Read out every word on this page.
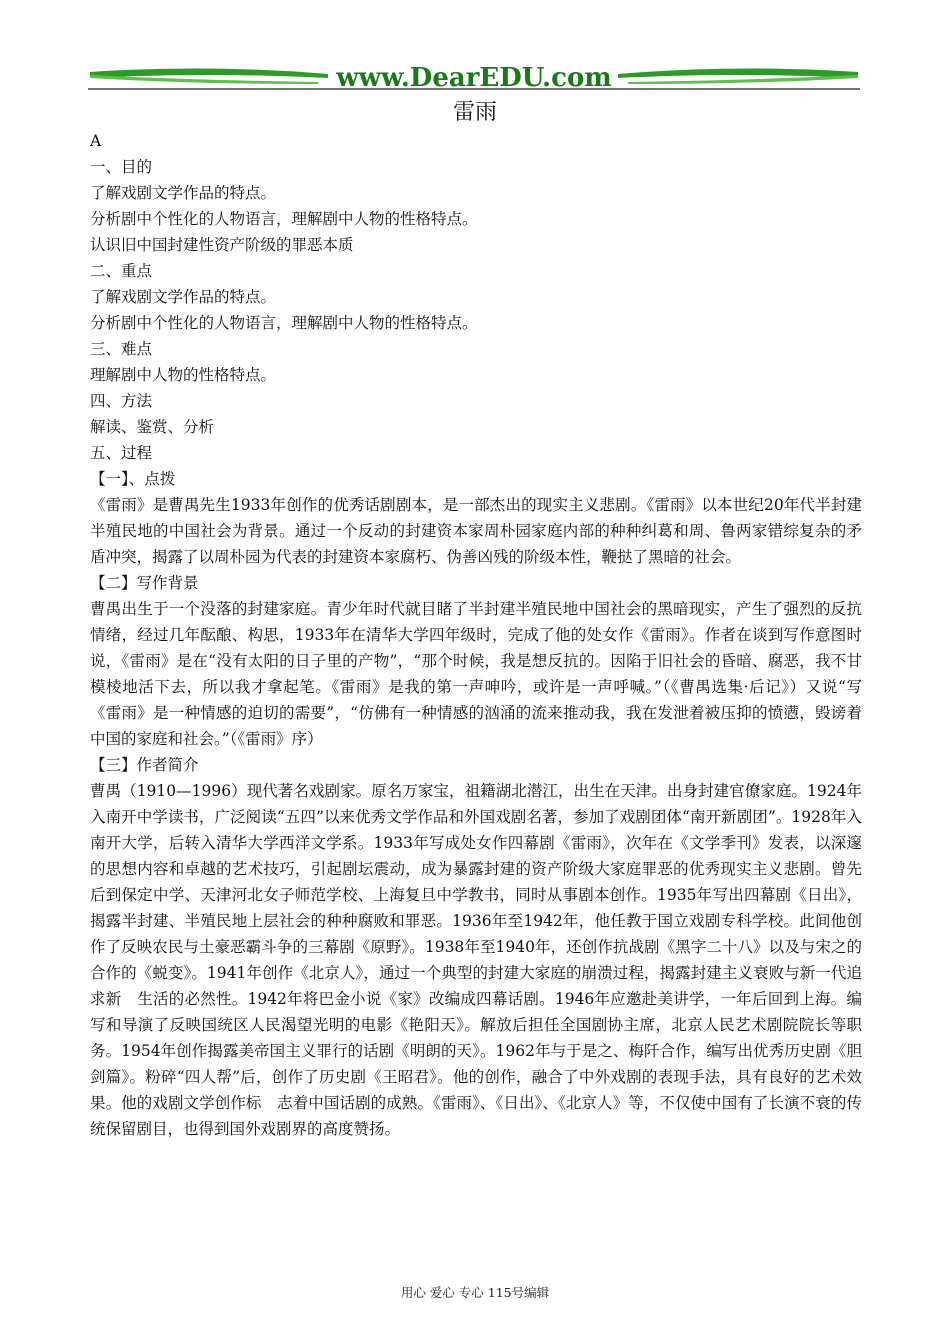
www.DearEDU.com
雷雨
A
一、目的
了解戏剧文学作品的特点。
分析剧中个性化的人物语言，理解剧中人物的性格特点。
认识旧中国封建性资产阶级的罪恶本质
二、重点
了解戏剧文学作品的特点。
分析剧中个性化的人物语言，理解剧中人物的性格特点。
三、难点
理解剧中人物的性格特点。
四、方法
解读、鉴赏、分析
五、过程
【一】、点拨
《雷雨》是曹禺先生1933年创作的优秀话剧剧本，是一部杰出的现实主义悲剧。《雷雨》以本世纪20年代半封建半殖民地的中国社会为背景。通过一个反动的封建资本家周朴园家庭内部的种种纠葛和周、鲁两家错综复杂的矛盾冲突，揭露了以周朴园为代表的封建资本家腐朽、伪善凶残的阶级本性，鞭挞了黑暗的社会。
【二】写作背景
曹禺出生于一个没落的封建家庭。青少年时代就目睹了半封建半殖民地中国社会的黑暗现实，产生了强烈的反抗情绪，经过几年酝酿、构思，1933年在清华大学四年级时，完成了他的处女作《雷雨》。作者在谈到写作意图时说，《雷雨》是在“没有太阳的日子里的产物”，“那个时候，我是想反抗的。因陷于旧社会的昏暗、腐恶，我不甘模棱地活下去，所以我才拿起笔。《雷雨》是我的第一声呻吟，或许是一声呼喊。”（《曹禺选集·后记》）又说“写《雷雨》是一种情感的迫切的需要”，“仿佛有一种情感的汹涌的流来推动我，我在发泄着被压抑的愤懑，毁谤着中国的家庭和社会。”（《雷雨》序）
【三】作者简介
曹禺（1910—1996）现代著名戏剧家。原名万家宝，祖籍湖北潜江，出生在天津。出身封建官僚家庭。1924年入南开中学读书，广泛阅读“五四”以来优秀文学作品和外国戏剧名著，参加了戏剧团体“南开新剧团”。1928年入南开大学，后转入清华大学西洋文学系。1933年写成处女作四幕剧《雷雨》，次年在《文学季刊》发表，以深邃的思想内容和卓越的艺术技巧，引起剧坛震动，成为暴露封建的资产阶级大家庭罪恶的优秀现实主义悲剧。曾先后到保定中学、天津河北女子师范学校、上海复旦中学教书，同时从事剧本创作。1935年写出四幕剧《日出》，揭露半封建、半殖民地上层社会的种种腐败和罪恶。1936年至1942年，他任教于国立戏剧专科学校。此间他创作了反映农民与土豪恶霸斗争的三幕剧《原野》。1938年至1940年，还创作抗战剧《黑字二十八》以及与宋之的合作的《蜕变》。1941年创作《北京人》，通过一个典型的封建大家庭的崩溃过程，揭露封建主义衰败与新一代追求新　生活的必然性。1942年将巴金小说《家》改编成四幕话剧。1946年应邀赴美讲学，一年后回到上海。编写和导演了反映国统区人民渴望光明的电影《艳阳天》。解放后担任全国剧协主席，北京人民艺术剧院院长等职务。1954年创作揭露美帝国主义罪行的话剧《明朗的天》。1962年与于是之、梅阡合作，编写出优秀历史剧《胆剑篇》。粉碎“四人帮”后，创作了历史剧《王昭君》。他的创作，融合了中外戏剧的表现手法，具有良好的艺术效果。他的戏剧文学创作标　志着中国话剧的成熟。《雷雨》、《日出》、《北京人》等，不仅使中国有了长演不衰的传统保留剧目，也得到国外戏剧界的高度赞扬。
用心 爱心 专心 115号编辑
